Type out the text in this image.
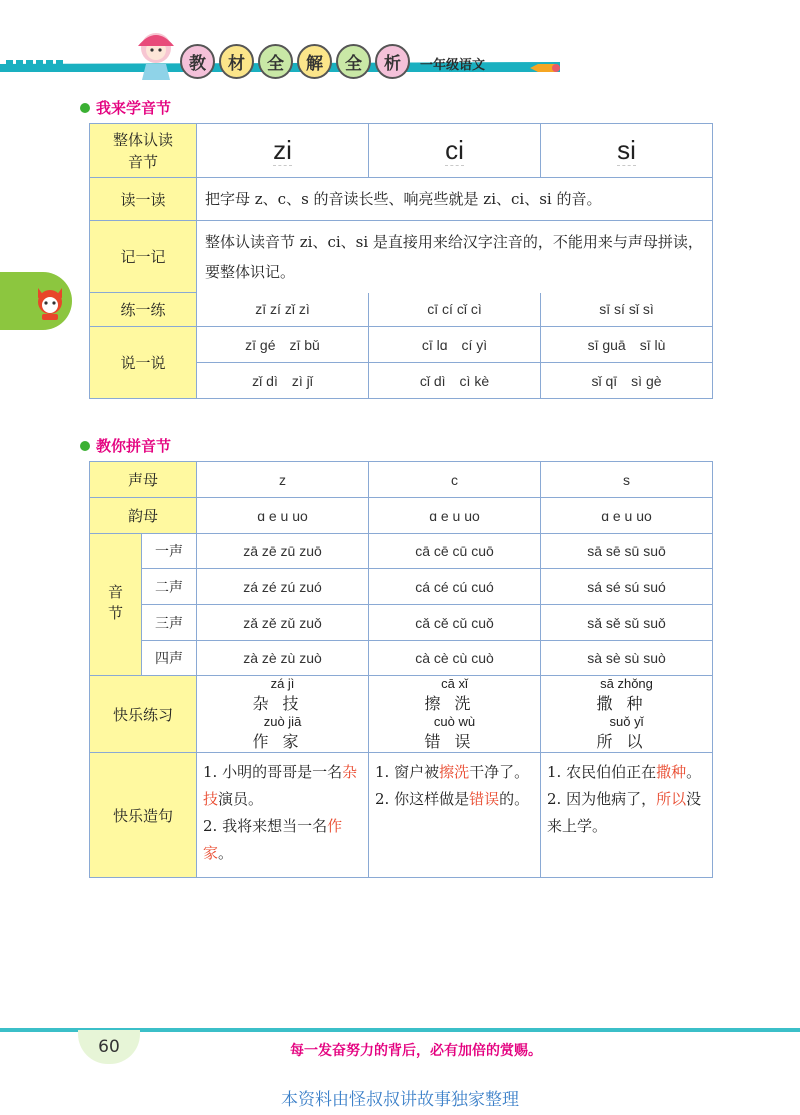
教	材	全	解	全	析	一年级语文
我来学音节
整体认读音节	zi	ci	si
读一读	把字母 z、c、s 的音读长些、响亮些就是 zi、ci、si 的音。		
记一记	整体认读音节 zi、ci、si 是直接用来给汉字注音的，不能用来与声母拼读，要整体识记。		
练一练	zī zí zǐ zì	cī cí cǐ cì	sī sí sǐ sì
说一说	zī gé　zī bǔ	cī lɑ　cí yì	sī guā　sī lù
	zǐ dì　zì jǐ	cǐ dì　cì kè	sǐ qī　sì gè
教你拼音节
声母		z	c	s
韵母		ɑ e u uo	ɑ e u uo	ɑ e u uo
音节	一声	zā zē zū zuō	cā cē cū cuō	sā sē sū suō
	二声	zá zé zú zuó	cá cé cú cuó	sá sé sú suó
	三声	zǎ zě zǔ zuǒ	cǎ cě cǔ cuǒ	sǎ sě sǔ suǒ
	四声	zà zè zù zuò	cà cè cù cuò	sà sè sù suò
快乐练习		zá jì
杂技

zuò jiā
作家	cā xǐ
擦洗

cuò wù
错误	sā zhǒng
撒种

suǒ yǐ
所以

快乐造句		1. 小明的哥哥是一名杂技演员。
2. 我将来想当一名作家。	1. 窗户被擦洗干净了。
2. 你这样做是错误的。	1. 农民伯伯正在撒种。
2. 因为他病了，所以没来上学。
60	每一发奋努力的背后，必有加倍的赏赐。
本资料由怪叔叔讲故事独家整理
